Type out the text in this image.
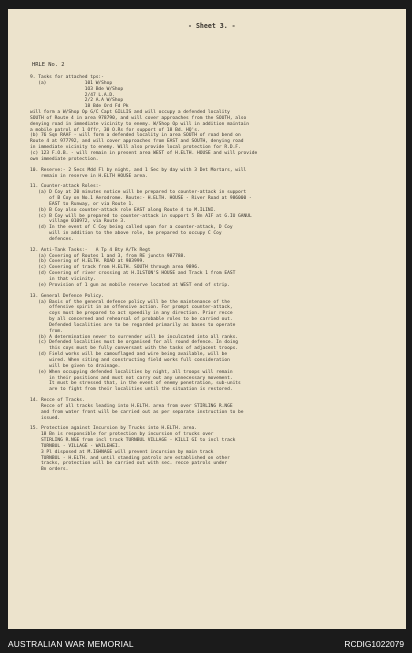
- Sheet 3. -
HRLE No. 2
9. Tasks for attached tps:-
(a)              101 W/Shop
1O3 Bde W/Shop
2/47 L.A.D.
2/2 A.A W/Shop
18 Bde Ord Fd Pk
will form a W/Shop Op G/C Capt GILLIS and will occupy a defended locality
SOUTH of Route 4 in area 978790, and will cover approaches from the SOUTH, also
denying road in immediate vicinity to enemy. W/Shop Op will in addition maintain
a mobile patrol of 1 Offr, 30 O.Rs for support of 18 Bd. HQ's.
(b) 76 Sqn RAAF - will form a defended locality in area SOUTH of road bend on
Route 4 at 977792, and will cover approaches from EAST and SOUTH, denying road
in immediate vicinity to enemy. Will also provide local protection for R.D.F.
(c) 123 F.O.B. - will remain in present area WEST of H.ELTH. HOUSE and will provide
own immediate protection.
10. Reserve:- 2 Secs Mdd Fl by night, and 1 Sec by day with 3 Det Mortars, will
remain in reserve in H.ELTH HOUSE area.
11. Counter-attack Roles:-
(a) D Coy at 20 minutes notice will be prepared to counter-attack in support
of B Coy on No.1 Aerodrome. Route:- H.ELTH. HOUSE - River Road at 986000 -
EAST to Runway, or via Route 1.
(b) B Coy also counter-attack role EAST along Route 4 to M.ILINI.
(c) B Coy will be prepared to counter-attack in support 5 Bn AIF at G.IU GANUL
village 010972, via Route 3.
(d) In the event of C Coy being called upon for a counter-attack, D Coy
will in addition to the above role, be prepared to occupy C Coy
defences.
12. Anti-Tank Tasks:-   A Tp 4 Bty A/Tk Regt
(a) Covering of Routes 1 and 3, from RE junctn 987788.
(b) Covering of H.ELTH. ROAD at 983999.
(c) Covering of track from H.ELTH. SOUTH through area 9896.
(d) Covering of river crossing at H.ILSTON'S HOUSE and Track 1 from EAST
in that vicinity.
(e) Provision of 1 gun as mobile reserve located at WEST end of strip.
13. General Defence Policy.
(a) Basis of the general defence policy will be the maintenance of the
offensive spirit in an offensive action. For prompt counter-attack,
coys must be prepared to act speedily in any direction. Prior recce
by all concerned and rehearsal of probable roles to be carried out.
Defended localities are to be regarded primarily as bases to operate
from.
(b) A determination never to surrender will be inculcated into all ranks.
(c) Defended localities must be organised for all round defence. In doing
this coys must be fully conversant with the tasks of adjacent troops.
(d) Field works will be camouflaged and wire being available, will be
wired. When siting and constructing field works full consideration
will be given to drainage.
(e) When occupying defended localities by night, all troops will remain
in their positions and must not carry out any unnecessary movement.
It must be stressed that, in the event of enemy penetration, sub-units
are to fight from their localities until the situation is restored.
14. Recce of Tracks.
Recce of all tracks leading into H.ELTH. area from over STIRLING R.NGE
and from water front will be carried out as per separate instruction to be
issued.
15. Protection against Incursion by Trucks into H.ELTH. area.
18 Bn is responsible for protection by incursion of trucks over
STIRLING R.NGE from incl track TURNBUL VILLAGE - KILLI GI to incl track
TURNBUL - VILLAGE - WAILEHEI.
3 Pl disposed at M.IGHNAGE will prevent incursion by main track
TURNBUL - H.ELTH. and until standing patrols are established on other
tracks, protection will be carried out with sec. recce patrols under
Bn orders.
AUSTRALIAN WAR MEMORIAL	RCDIG1022079
